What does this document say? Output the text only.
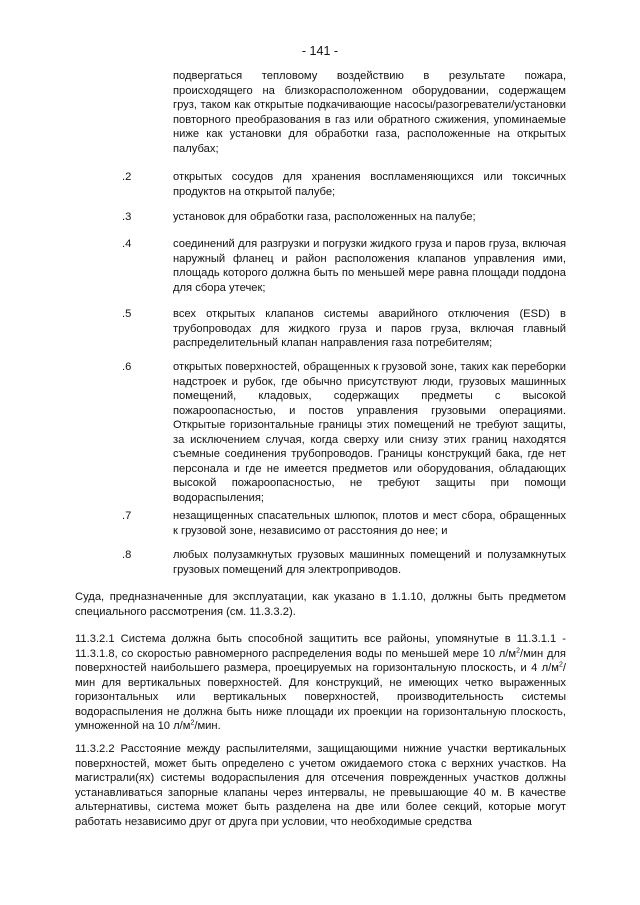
- 141 -
подвергаться тепловому воздействию в результате пожара, происходящего на близкорасположенном оборудовании, содержащем груз, таком как открытые подкачивающие насосы/разогреватели/установки повторного преобразования в газ или обратного сжижения, упоминаемые ниже как установки для обработки газа, расположенные на открытых палубах;
.2	открытых сосудов для хранения воспламеняющихся или токсичных продуктов на открытой палубе;
.3	установок для обработки газа, расположенных на палубе;
.4	соединений для разгрузки и погрузки жидкого груза и паров груза, включая наружный фланец и район расположения клапанов управления ими, площадь которого должна быть по меньшей мере равна площади поддона для сбора утечек;
.5	всех открытых клапанов системы аварийного отключения (ESD) в трубопроводах для жидкого груза и паров груза, включая главный распределительный клапан направления газа потребителям;
.6	открытых поверхностей, обращенных к грузовой зоне, таких как переборки надстроек и рубок, где обычно присутствуют люди, грузовых машинных помещений, кладовых, содержащих предметы с высокой пожароопасностью, и постов управления грузовыми операциями. Открытые горизонтальные границы этих помещений не требуют защиты, за исключением случая, когда сверху или снизу этих границ находятся съемные соединения трубопроводов. Границы конструкций бака, где нет персонала и где не имеется предметов или оборудования, обладающих высокой пожароопасностью, не требуют защиты при помощи водораспыления;
.7	незащищенных спасательных шлюпок, плотов и мест сбора, обращенных к грузовой зоне, независимо от расстояния до нее; и
.8	любых полузамкнутых грузовых машинных помещений и полузамкнутых грузовых помещений для электроприводов.
Суда, предназначенные для эксплуатации, как указано в 1.1.10, должны быть предметом специального рассмотрения (см. 11.3.3.2).
11.3.2.1 Система должна быть способной защитить все районы, упомянутые в 11.3.1.1 - 11.3.1.8, со скоростью равномерного распределения воды по меньшей мере 10 $л/м^2$/мин для поверхностей наибольшего размера, проецируемых на горизонтальную плоскость, и 4 $л/м^2$/мин для вертикальных поверхностей. Для конструкций, не имеющих четко выраженных горизонтальных или вертикальных поверхностей, производительность системы водораспыления не должна быть ниже площади их проекции на горизонтальную плоскость, умноженной на 10 $л/м^2$/мин.
11.3.2.2 Расстояние между распылителями, защищающими нижние участки вертикальных поверхностей, может быть определено с учетом ожидаемого стока с верхних участков. На магистрали(ях) системы водораспыления для отсечения поврежденных участков должны устанавливаться запорные клапаны через интервалы, не превышающие 40 м. В качестве альтернативы, система может быть разделена на две или более секций, которые могут работать независимо друг от друга при условии, что необходимые средства
